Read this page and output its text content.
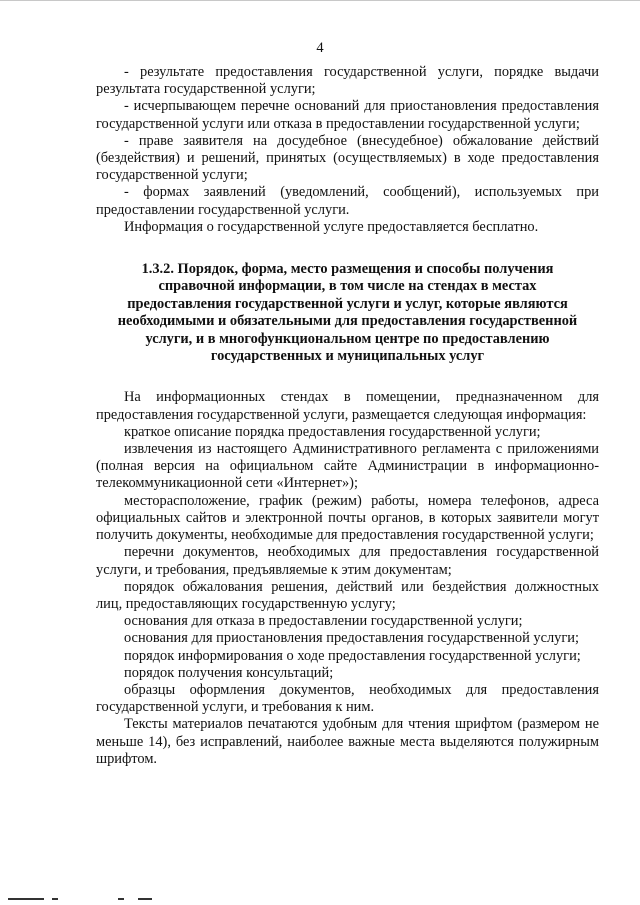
4

- результате предоставления государственной услуги, порядке выдачи результата государственной услуги;

- исчерпывающем перечне оснований для приостановления предоставления государственной услуги или отказа в предоставлении государственной услуги;

- праве заявителя на досудебное (внесудебное) обжалование действий (бездействия) и решений, принятых (осуществляемых) в ходе предоставления государственной услуги;

- формах заявлений (уведомлений, сообщений), используемых при предоставлении государственной услуги.

Информация о государственной услуге предоставляется бесплатно.

1.3.2. Порядок, форма, место размещения и способы получения справочной информации, в том числе на стендах в местах предоставления государственной услуги и услуг, которые являются необходимыми и обязательными для предоставления государственной услуги, и в многофункциональном центре по предоставлению государственных и муниципальных услуг

На информационных стендах в помещении, предназначенном для предоставления государственной услуги, размещается следующая информация:

краткое описание порядка предоставления государственной услуги;

извлечения из настоящего Административного регламента с приложениями (полная версия на официальном сайте Администрации в информационно-телекоммуникационной сети «Интернет»);

месторасположение, график (режим) работы, номера телефонов, адреса официальных сайтов и электронной почты органов, в которых заявители могут получить документы, необходимые для предоставления государственной услуги;

перечни документов, необходимых для предоставления государственной услуги, и требования, предъявляемые к этим документам;

порядок обжалования решения, действий или бездействия должностных лиц, предоставляющих государственную услугу;

основания для отказа в предоставлении государственной услуги;

основания для приостановления предоставления государственной услуги;

порядок информирования о ходе предоставления государственной услуги;

порядок получения консультаций;

образцы оформления документов, необходимых для предоставления государственной услуги, и требования к ним.

Тексты материалов печатаются удобным для чтения шрифтом (размером не меньше 14), без исправлений, наиболее важные места выделяются полужирным шрифтом.
